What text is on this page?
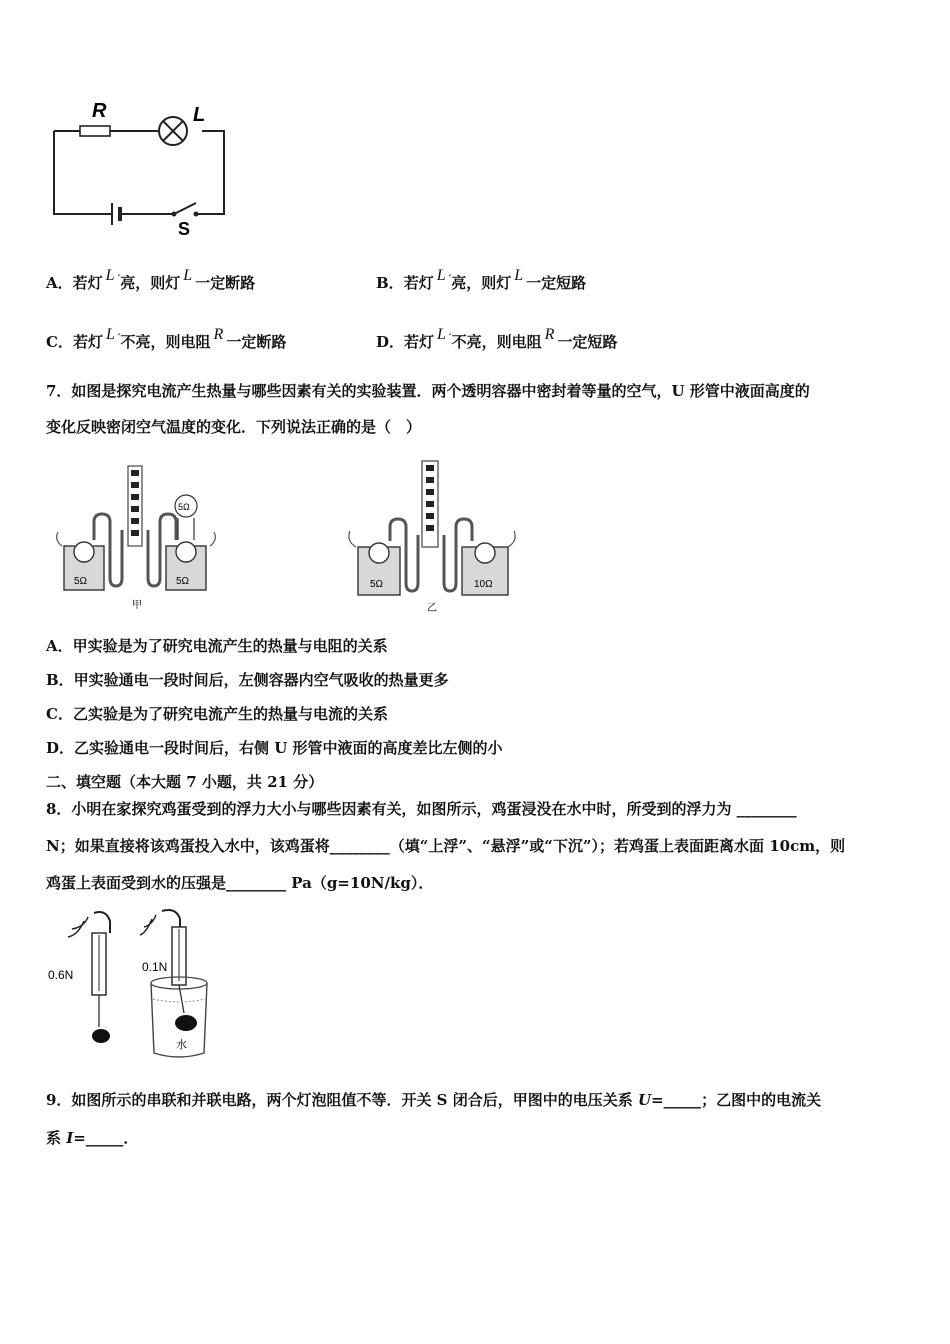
R	L
S
A．若灯 L ′亮，则灯 L 一定断路	B．若灯 L ′亮，则灯 L 一定短路
C．若灯 L ′不亮，则电阻 R 一定断路	D．若灯 L ′不亮，则电阻 R 一定短路
7．如图是探究电流产生热量与哪些因素有关的实验装置．两个透明容器中密封着等量的空气，U 形管中液面高度的
变化反映密闭空气温度的变化．下列说法正确的是（　）
5Ω	5Ω
5Ω
甲
5Ω	10Ω
乙
A．甲实验是为了研究电流产生的热量与电阻的关系
B．甲实验通电一段时间后，左侧容器内空气吸收的热量更多
C．乙实验是为了研究电流产生的热量与电流的关系
D．乙实验通电一段时间后，右侧 U 形管中液面的高度差比左侧的小
二、填空题（本大题 7 小题，共 21 分）
8．小明在家探究鸡蛋受到的浮力大小与哪些因素有关，如图所示，鸡蛋浸没在水中时，所受到的浮力为 ________
N；如果直接将该鸡蛋投入水中，该鸡蛋将________（填“上浮”、“悬浮”或“下沉”）；若鸡蛋上表面距离水面 10cm，则
鸡蛋上表面受到水的压强是________ Pa（g=10N/kg）．
0.6N
0.1N
水
9．如图所示的串联和并联电路，两个灯泡阻值不等．开关 S 闭合后，甲图中的电压关系 U=_____；乙图中的电流关
系 I=_____．
